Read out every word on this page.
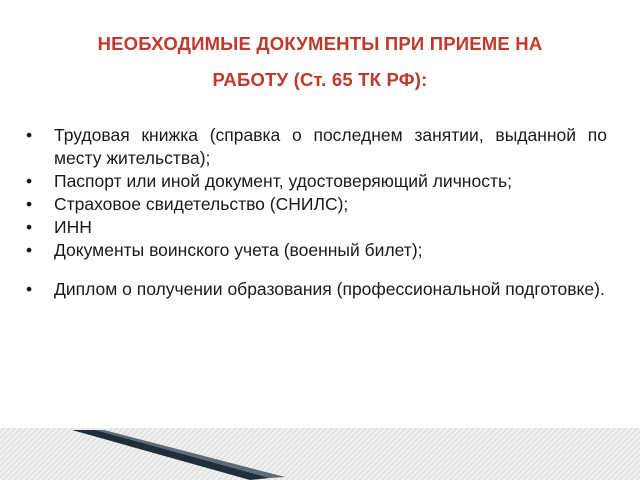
НЕОБХОДИМЫЕ ДОКУМЕНТЫ ПРИ ПРИЕМЕ НА
РАБОТУ (Ст. 65 ТК РФ):
• Трудовая книжка (справка о последнем занятии, выданной по месту жительства);
• Паспорт или иной документ, удостоверяющий личность;
• Страховое свидетельство (СНИЛС);
• ИНН
• Документы воинского учета (военный билет);
• Диплом о получении образования (профессиональной подготовке).
